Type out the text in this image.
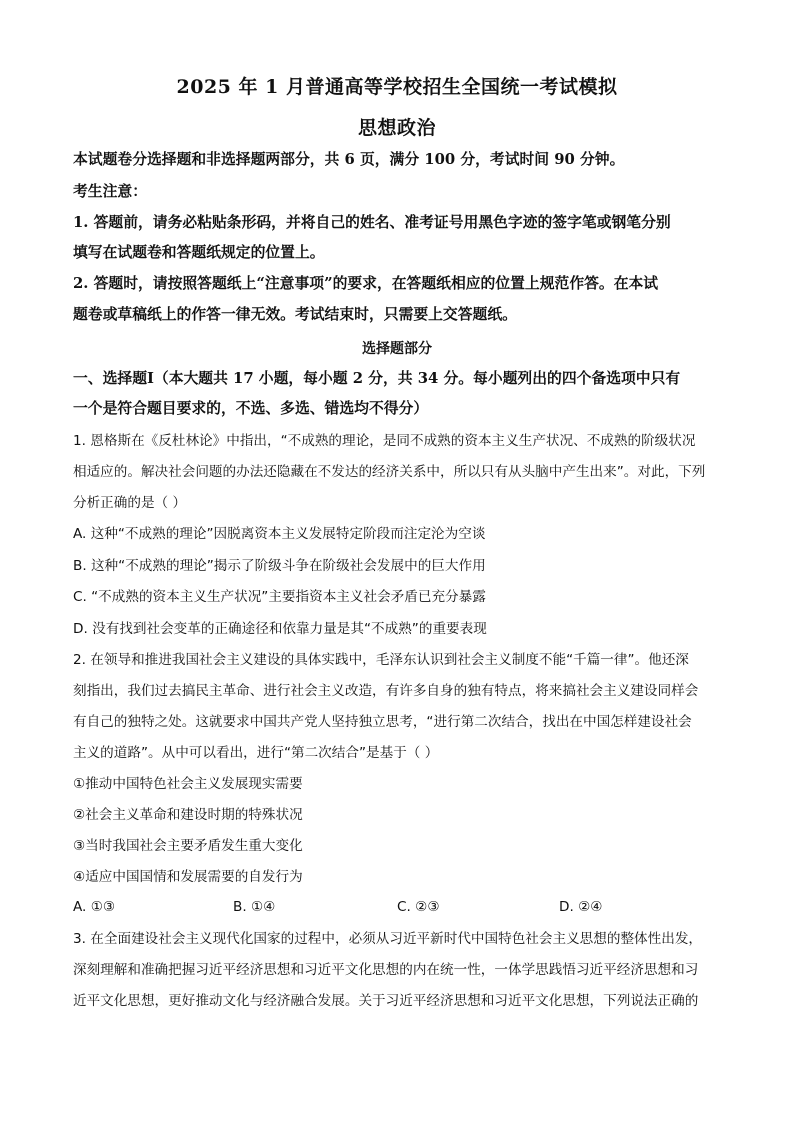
2025 年 1 月普通高等学校招生全国统一考试模拟
思想政治
本试题卷分选择题和非选择题两部分，共 6 页，满分 100 分，考试时间 90 分钟。
考生注意：
1. 答题前，请务必粘贴条形码，并将自己的姓名、准考证号用黑色字迹的签字笔或钢笔分别
填写在试题卷和答题纸规定的位置上。
2. 答题时，请按照答题纸上“注意事项”的要求，在答题纸相应的位置上规范作答。在本试
题卷或草稿纸上的作答一律无效。考试结束时，只需要上交答题纸。
选择题部分
一、选择题Ⅰ（本大题共 17 小题，每小题 2 分，共 34 分。每小题列出的四个备选项中只有
一个是符合题目要求的，不选、多选、错选均不得分）
1. 恩格斯在《反杜林论》中指出，“不成熟的理论，是同不成熟的资本主义生产状况、不成熟的阶级状况
相适应的。解决社会问题的办法还隐藏在不发达的经济关系中，所以只有从头脑中产生出来”。对此，下列
分析正确的是（ ）
A. 这种“不成熟的理论”因脱离资本主义发展特定阶段而注定沦为空谈
B. 这种“不成熟的理论”揭示了阶级斗争在阶级社会发展中的巨大作用
C. “不成熟的资本主义生产状况”主要指资本主义社会矛盾已充分暴露
D. 没有找到社会变革的正确途径和依靠力量是其“不成熟”的重要表现
2. 在领导和推进我国社会主义建设的具体实践中，毛泽东认识到社会主义制度不能“千篇一律”。他还深
刻指出，我们过去搞民主革命、进行社会主义改造，有许多自身的独有特点，将来搞社会主义建设同样会
有自己的独特之处。这就要求中国共产党人坚持独立思考，“进行第二次结合，找出在中国怎样建设社会
主义的道路”。从中可以看出，进行“第二次结合”是基于（ ）
①推动中国特色社会主义发展现实需要
②社会主义革命和建设时期的特殊状况
③当时我国社会主要矛盾发生重大变化
④适应中国国情和发展需要的自发行为
A. ①③	B. ①④	C. ②③	D. ②④
3. 在全面建设社会主义现代化国家的过程中，必须从习近平新时代中国特色社会主义思想的整体性出发，
深刻理解和准确把握习近平经济思想和习近平文化思想的内在统一性，一体学思践悟习近平经济思想和习
近平文化思想，更好推动文化与经济融合发展。关于习近平经济思想和习近平文化思想，下列说法正确的
